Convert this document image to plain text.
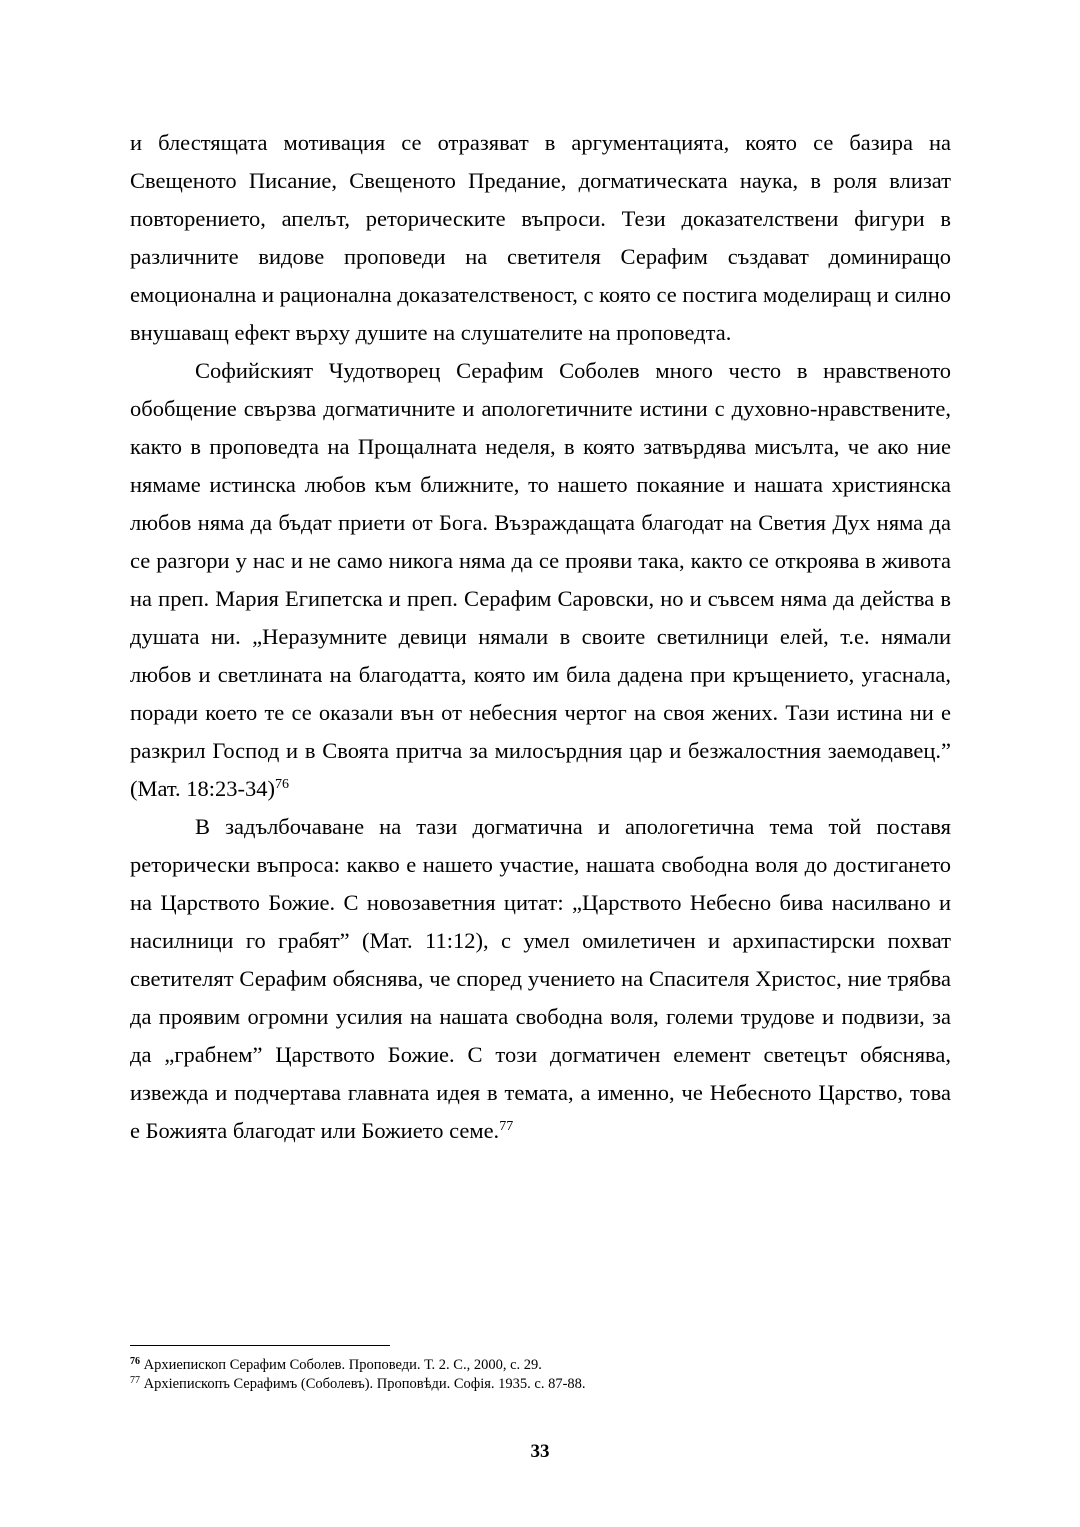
и блестящата мотивация се отразяват в аргументацията, която се базира на Свещеното Писание, Свещеното Предание, догматическата наука, в роля влизат повторението, апелът, реторическите въпроси. Тези доказателствени фигури в различните видове проповеди на светителя Серафим създават доминиращо емоционална и рационална доказателственост, с която се постига моделиращ и силно внушаващ ефект върху душите на слушателите на проповедта.

Софийският Чудотворец Серафим Соболев много често в нравственото обобщение свързва догматичните и апологетичните истини с духовно-нравствените, както в проповедта на Прощалната неделя, в която затвърдява мисълта, че ако ние нямаме истинска любов към ближните, то нашето покаяние и нашата християнска любов няма да бъдат приети от Бога. Възраждащата благодат на Светия Дух няма да се разгори у нас и не само никога няма да се прояви така, както се откроява в живота на преп. Мария Египетска и преп. Серафим Саровски, но и съвсем няма да действа в душата ни. „Неразумните девици нямали в своите светилници елей, т.е. нямали любов и светлината на благодатта, която им била дадена при кръщението, угаснала, поради което те се оказали вън от небесния чертог на своя жених. Тази истина ни е разкрил Господ и в Своята притча за милосърдния цар и безжалостния заемодавец.” (Мат. 18:23-34)$^{76}$

В задълбочаване на тази догматична и апологетична тема той поставя реторически въпроса: какво е нашето участие, нашата свободна воля до достигането на Царството Божие. С новозаветния цитат: „Царството Небесно бива насилвано и насилници го грабят” (Мат. 11:12), с умел омилетичен и архипастирски похват светителят Серафим обяснява, че според учението на Спасителя Христос, ние трябва да проявим огромни усилия на нашата свободна воля, големи трудове и подвизи, за да „грабнем” Царството Божие. С този догматичен елемент светецът обяснява, извежда и подчертава главната идея в темата, а именно, че Небесното Царство, това е Божията благодат или Божието семе.$^{77}$

$^{76}$ Архиепископ Серафим Соболев. Проповеди. Т. 2. С., 2000, с. 29.

$^{77}$ Архіепископъ Серафимъ (Соболевъ). Проповѣди. Софія. 1935. с. 87-88.

33
